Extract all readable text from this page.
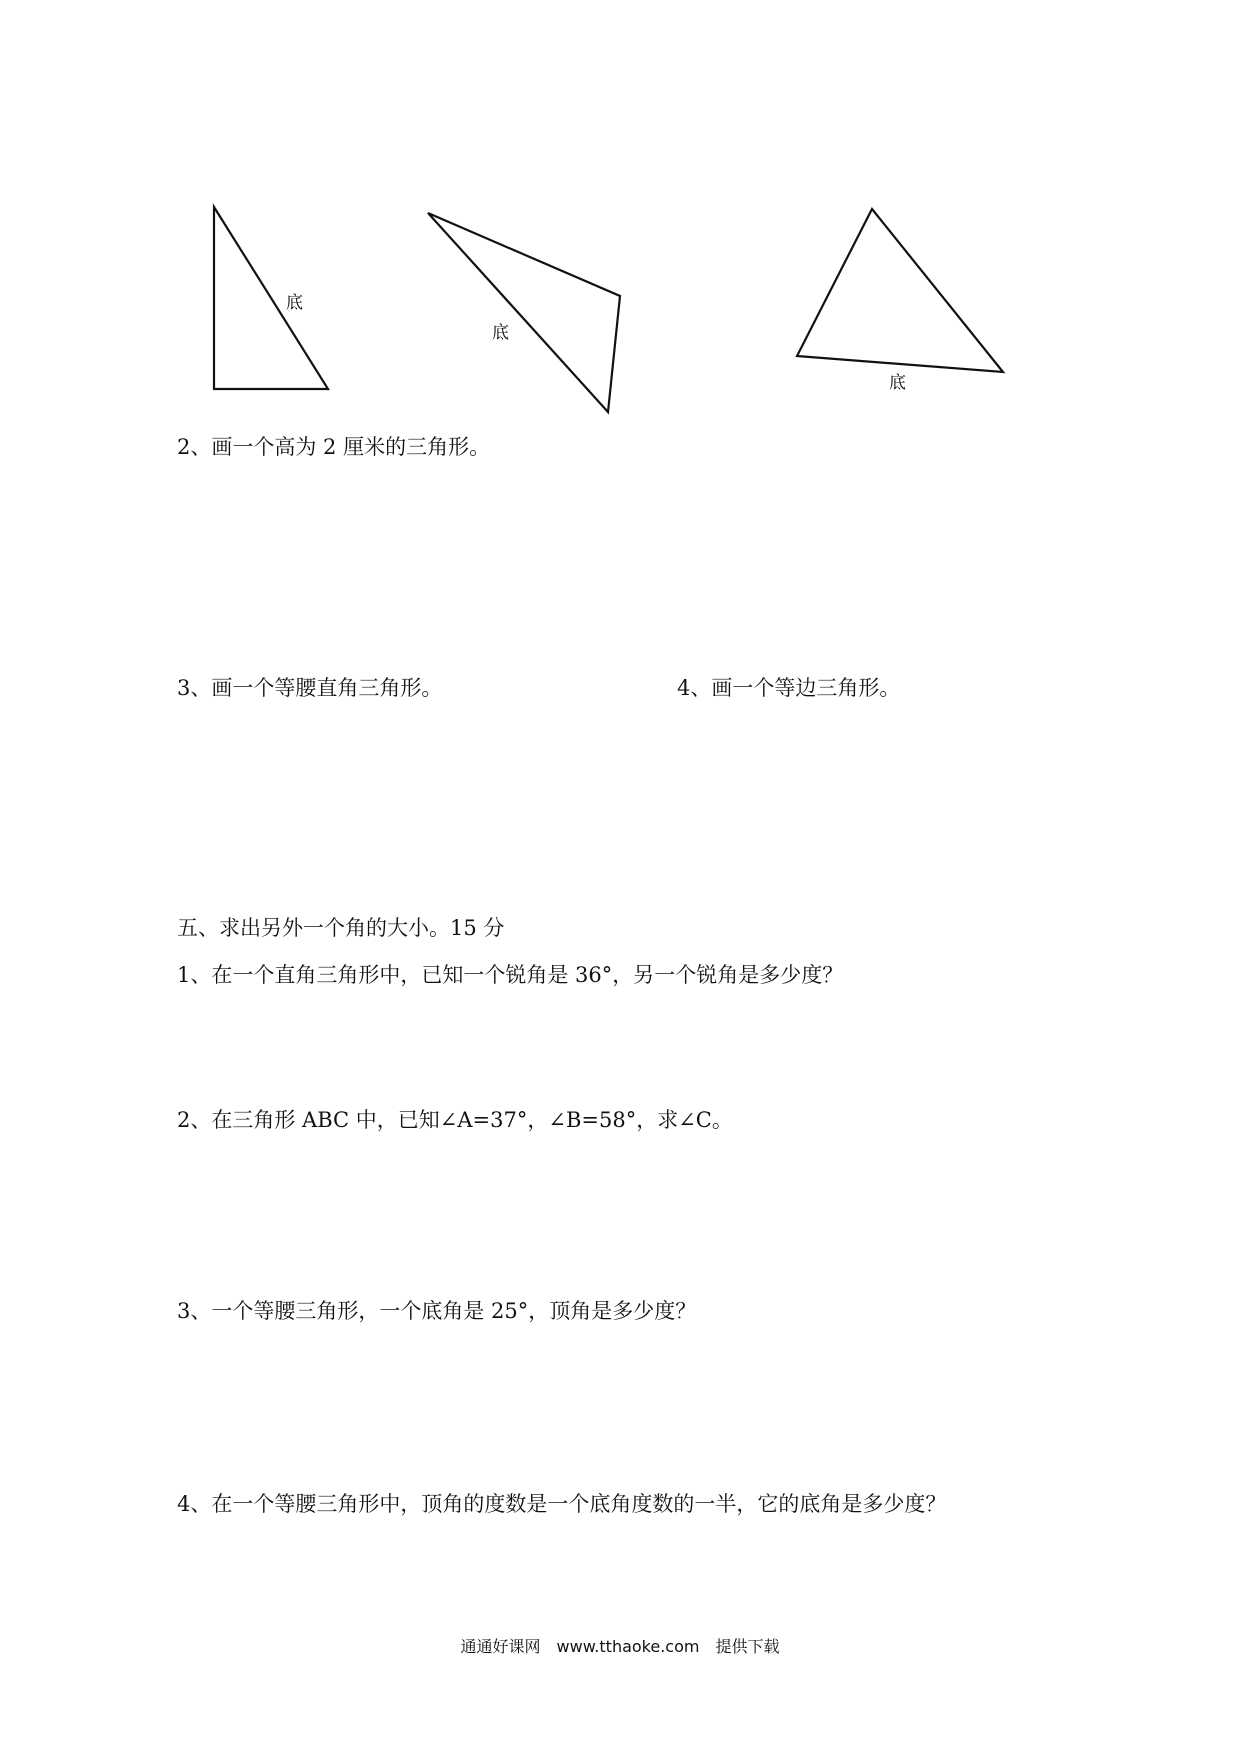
底
底
底
2、画一个高为 2 厘米的三角形。
3、画一个等腰直角三角形。	4、画一个等边三角形。
五、求出另外一个角的大小。15 分
1、在一个直角三角形中，已知一个锐角是 36°，另一个锐角是多少度？
2、在三角形 ABC 中，已知∠A=37°，∠B=58°，求∠C。
3、一个等腰三角形，一个底角是 25°，顶角是多少度？
4、在一个等腰三角形中，顶角的度数是一个底角度数的一半，它的底角是多少度？
通通好课网　www.tthaoke.com　提供下载
